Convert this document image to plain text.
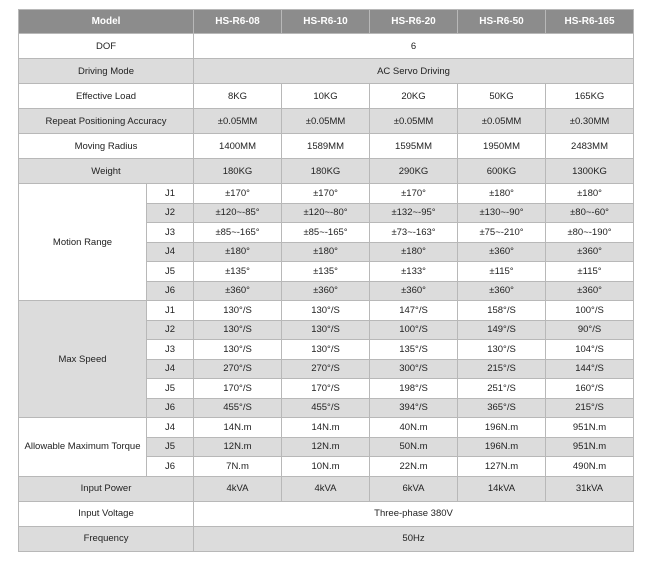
Model		HS-R6-08	HS-R6-10	HS-R6-20	HS-R6-50	HS-R6-165
DOF		6				
Driving Mode		AC Servo Driving				
Effective Load		8KG	10KG	20KG	50KG	165KG
Repeat Positioning Accuracy		±0.05MM	±0.05MM	±0.05MM	±0.05MM	±0.30MM
Moving Radius		1400MM	1589MM	1595MM	1950MM	2483MM
Weight		180KG	180KG	290KG	600KG	1300KG
Motion Range	J1	±170°	±170°	±170°	±180°	±180°
	J2	±120~-85°	±120~-80°	±132~-95°	±130~-90°	±80~-60°
	J3	±85~-165°	±85~-165°	±73~-163°	±75~-210°	±80~-190°
	J4	±180°	±180°	±180°	±360°	±360°
	J5	±135°	±135°	±133°	±115°	±115°
	J6	±360°	±360°	±360°	±360°	±360°
Max Speed	J1	130°/S	130°/S	147°/S	158°/S	100°/S
	J2	130°/S	130°/S	100°/S	149°/S	90°/S
	J3	130°/S	130°/S	135°/S	130°/S	104°/S
	J4	270°/S	270°/S	300°/S	215°/S	144°/S
	J5	170°/S	170°/S	198°/S	251°/S	160°/S
	J6	455°/S	455°/S	394°/S	365°/S	215°/S
Allowable Maximum Torque	J4	14N.m	14N.m	40N.m	196N.m	951N.m
	J5	12N.m	12N.m	50N.m	196N.m	951N.m
	J6	7N.m	10N.m	22N.m	127N.m	490N.m
Input Power		4kVA	4kVA	6kVA	14kVA	31kVA
Input Voltage		Three-phase 380V				
Frequency		50Hz				
